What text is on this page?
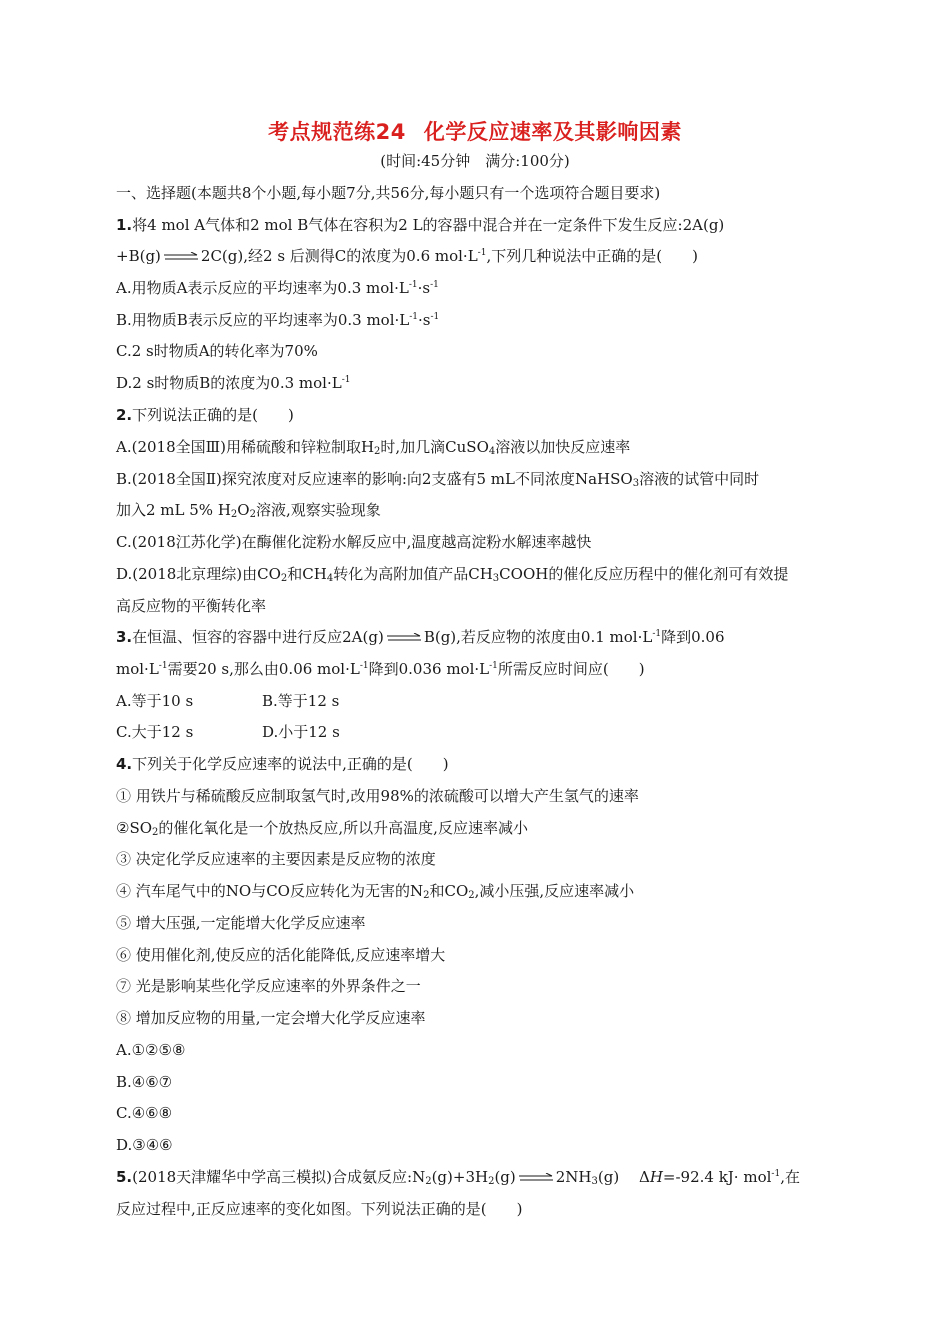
考点规范练24 化学反应速率及其影响因素
(时间:45分钟　满分:100分)
一、选择题(本题共8个小题,每小题7分,共56分,每小题只有一个选项符合题目要求)
1.将4 mol A气体和2 mol B气体在容积为2 L的容器中混合并在一定条件下发生反应:2A(g)
+B(g)	2C(g),经2 s 后测得C的浓度为0.6 $mol\cdot L^{-1}$,下列几种说法中正确的是(　　)
A.用物质A表示反应的平均速率为0.3 $mol\cdot L^{-1}\cdot s^{-1}$
B.用物质B表示反应的平均速率为0.3 $mol\cdot L^{-1}\cdot s^{-1}$
C.2 s时物质A的转化率为70%
D.2 s时物质B的浓度为0.3 $mol\cdot L^{-1}$
2.下列说法正确的是(　　)
A.(2018全国Ⅲ)用稀硫酸和锌粒制取H2时,加几滴CuSO4溶液以加快反应速率
B.(2018全国Ⅱ)探究浓度对反应速率的影响:向2支盛有5 mL不同浓度NaHSO3溶液的试管中同时
加入2 mL 5% H2O2溶液,观察实验现象
C.(2018江苏化学)在酶催化淀粉水解反应中,温度越高淀粉水解速率越快
D.(2018北京理综)由CO2和CH4转化为高附加值产品CH3COOH的催化反应历程中的催化剂可有效提
高反应物的平衡转化率
3.在恒温、恒容的容器中进行反应2A(g)	B(g),若反应物的浓度由0.1 $mol\cdot L^{-1}$降到0.06
$mol\cdot L^{-1}$需要20 s,那么由0.06 $mol\cdot L^{-1}$降到0.036 $mol\cdot L^{-1}$所需反应时间应(　　)
A.等于10 s	B.等于12 s
C.大于12 s	D.小于12 s
4.下列关于化学反应速率的说法中,正确的是(　　)
① 用铁片与稀硫酸反应制取氢气时,改用98%的浓硫酸可以增大产生氢气的速率
②SO2的催化氧化是一个放热反应,所以升高温度,反应速率减小
③ 决定化学反应速率的主要因素是反应物的浓度
④ 汽车尾气中的NO与CO反应转化为无害的N2和CO2,减小压强,反应速率减小
⑤ 增大压强,一定能增大化学反应速率
⑥ 使用催化剂,使反应的活化能降低,反应速率增大
⑦ 光是影响某些化学反应速率的外界条件之一
⑧ 增加反应物的用量,一定会增大化学反应速率
A.①②⑤⑧
B.④⑥⑦
C.④⑥⑧
D.③④⑥
5.(2018天津耀华中学高三模拟)合成氨反应:N2(g)+3H2(g)	2NH3(g)　 ΔH=-92.4 kJ· mol$^{-1}$,在
反应过程中,正反应速率的变化如图。下列说法正确的是(　　)
